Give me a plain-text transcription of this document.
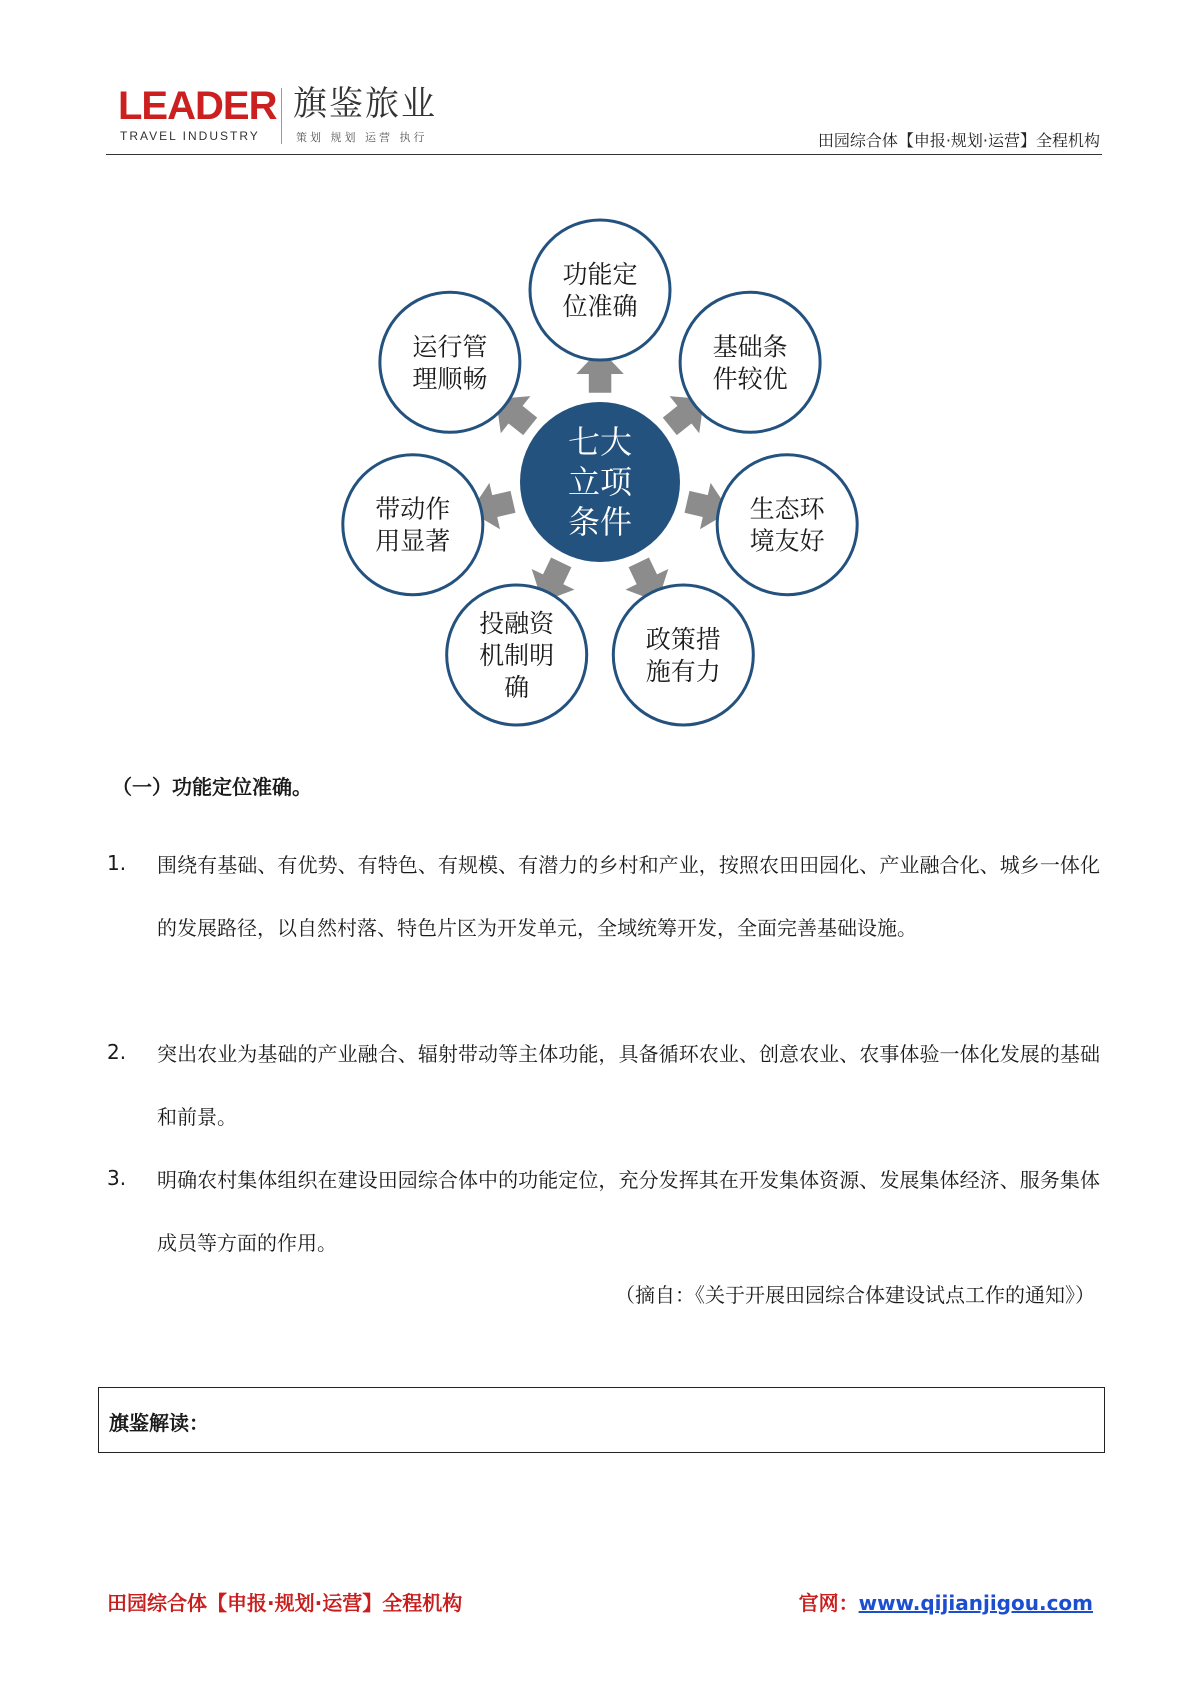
LEADER
TRAVEL INDUSTRY
旗鉴旅业
策划 规划 运营 执行	田园综合体【申报·规划·运营】全程机构
功能定
位准确
基础条
件较优
生态环
境友好
政策措
施有力
投融资
机制明
确
带动作
用显著
运行管
理顺畅
七大
立项
条件
（一）功能定位准确。
1. 围绕有基础、有优势、有特色、有规模、有潜力的乡村和产业，按照农田田园化、产业融合化、城乡一体化的发展路径，以自然村落、特色片区为开发单元，全域统筹开发，全面完善基础设施。

2. 突出农业为基础的产业融合、辐射带动等主体功能，具备循环农业、创意农业、农事体验一体化发展的基础和前景。

3. 明确农村集体组织在建设田园综合体中的功能定位，充分发挥其在开发集体资源、发展集体经济、服务集体成员等方面的作用。

（摘自：《关于开展田园综合体建设试点工作的通知》）
旗鉴解读：
田园综合体【申报·规划·运营】全程机构	官网：www.qijianjigou.com
